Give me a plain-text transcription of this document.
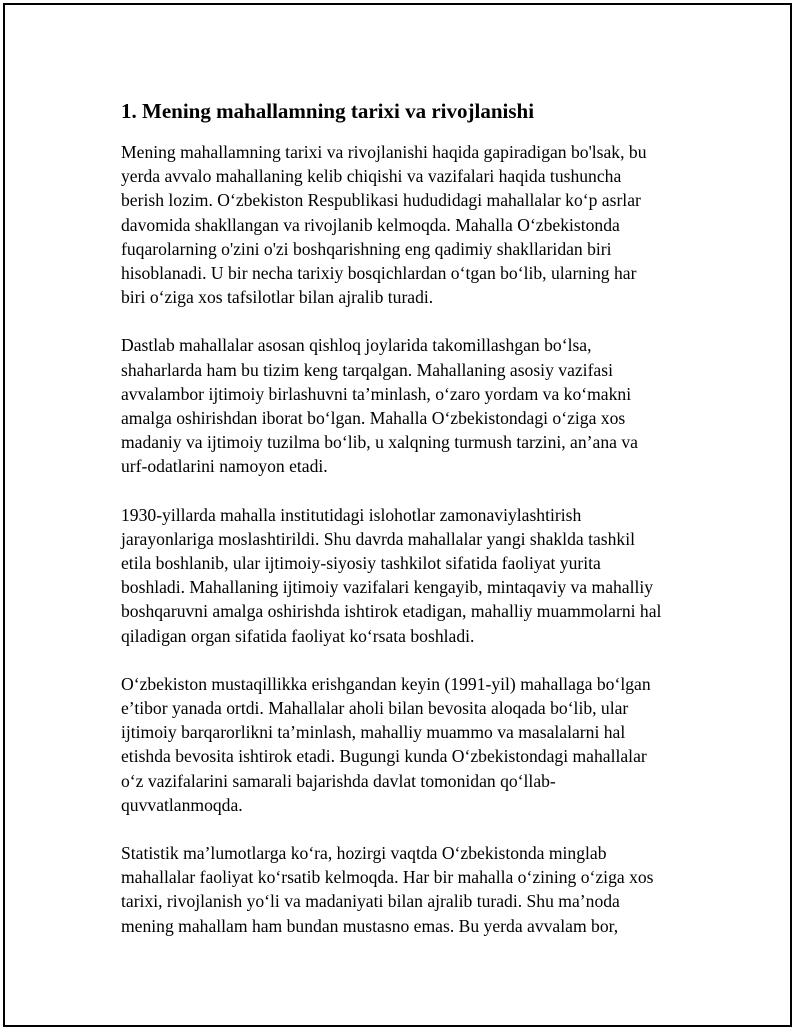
1. Mening mahallamning tarixi va rivojlanishi

Mening mahallamning tarixi va rivojlanishi haqida gapiradigan bo'lsak, bu
yerda avvalo mahallaning kelib chiqishi va vazifalari haqida tushuncha
berish lozim. O‘zbekiston Respublikasi hududidagi mahallalar ko‘p asrlar
davomida shakllangan va rivojlanib kelmoqda. Mahalla O‘zbekistonda
fuqarolarning o'zini o'zi boshqarishning eng qadimiy shakllaridan biri
hisoblanadi. U bir necha tarixiy bosqichlardan o‘tgan bo‘lib, ularning har
biri o‘ziga xos tafsilotlar bilan ajralib turadi.

Dastlab mahallalar asosan qishloq joylarida takomillashgan bo‘lsa,
shaharlarda ham bu tizim keng tarqalgan. Mahallaning asosiy vazifasi
avvalambor ijtimoiy birlashuvni ta’minlash, o‘zaro yordam va ko‘makni
amalga oshirishdan iborat bo‘lgan. Mahalla O‘zbekistondagi o‘ziga xos
madaniy va ijtimoiy tuzilma bo‘lib, u xalqning turmush tarzini, an’ana va
urf-odatlarini namoyon etadi.

1930-yillarda mahalla institutidagi islohotlar zamonaviylashtirish
jarayonlariga moslashtirildi. Shu davrda mahallalar yangi shaklda tashkil
etila boshlanib, ular ijtimoiy-siyosiy tashkilot sifatida faoliyat yurita
boshladi. Mahallaning ijtimoiy vazifalari kengayib, mintaqaviy va mahalliy
boshqaruvni amalga oshirishda ishtirok etadigan, mahalliy muammolarni hal
qiladigan organ sifatida faoliyat ko‘rsata boshladi.

O‘zbekiston mustaqillikka erishgandan keyin (1991-yil) mahallaga bo‘lgan
e’tibor yanada ortdi. Mahallalar aholi bilan bevosita aloqada bo‘lib, ular
ijtimoiy barqarorlikni ta’minlash, mahalliy muammo va masalalarni hal
etishda bevosita ishtirok etadi. Bugungi kunda O‘zbekistondagi mahallalar
o‘z vazifalarini samarali bajarishda davlat tomonidan qo‘llab-
quvvatlanmoqda.

Statistik ma’lumotlarga ko‘ra, hozirgi vaqtda O‘zbekistonda minglab
mahallalar faoliyat ko‘rsatib kelmoqda. Har bir mahalla o‘zining o‘ziga xos
tarixi, rivojlanish yo‘li va madaniyati bilan ajralib turadi. Shu ma’noda
mening mahallam ham bundan mustasno emas. Bu yerda avvalam bor,
